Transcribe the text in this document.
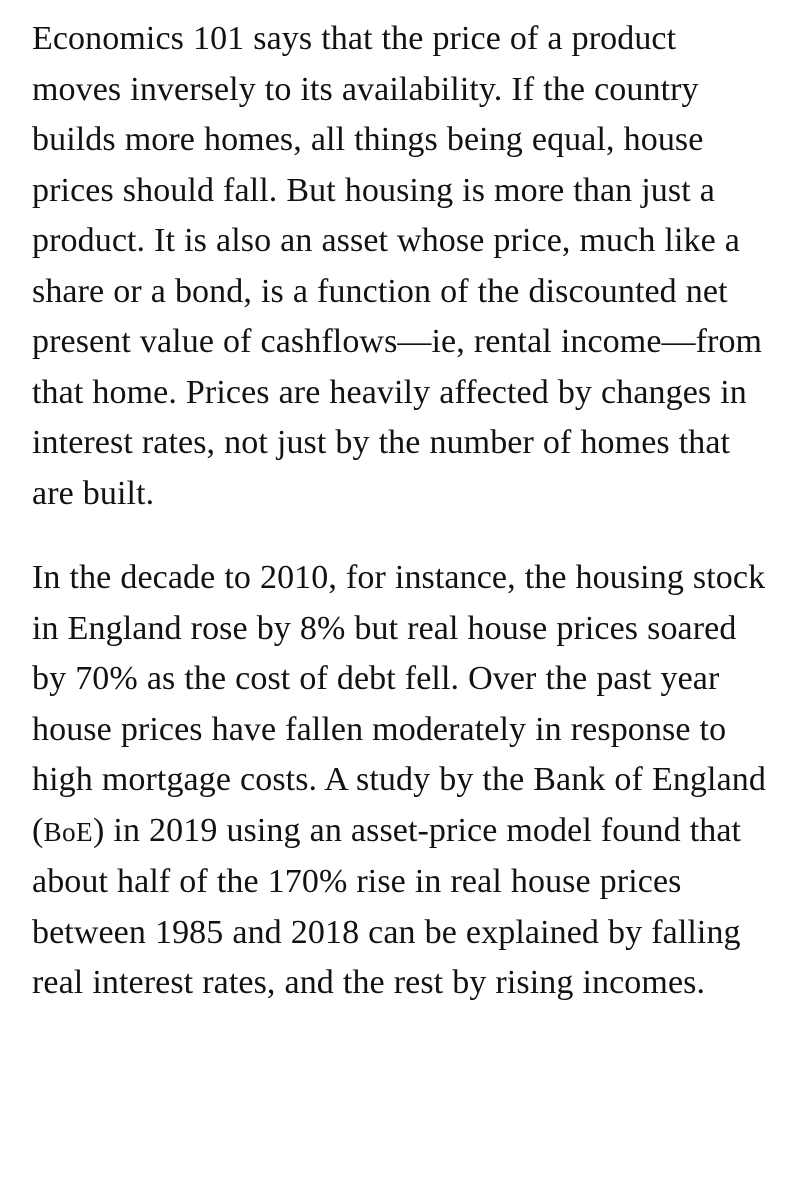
Economics 101 says that the price of a product moves inversely to its availability. If the country builds more homes, all things being equal, house prices should fall. But housing is more than just a product. It is also an asset whose price, much like a share or a bond, is a function of the discounted net present value of cashflows—ie, rental income—from that home. Prices are heavily affected by changes in interest rates, not just by the number of homes that are built.

In the decade to 2010, for instance, the housing stock in England rose by 8% but real house prices soared by 70% as the cost of debt fell. Over the past year house prices have fallen moderately in response to high mortgage costs. A study by the Bank of England (BoE) in 2019 using an asset-price model found that about half of the 170% rise in real house prices between 1985 and 2018 can be explained by falling real interest rates, and the rest by rising incomes.
